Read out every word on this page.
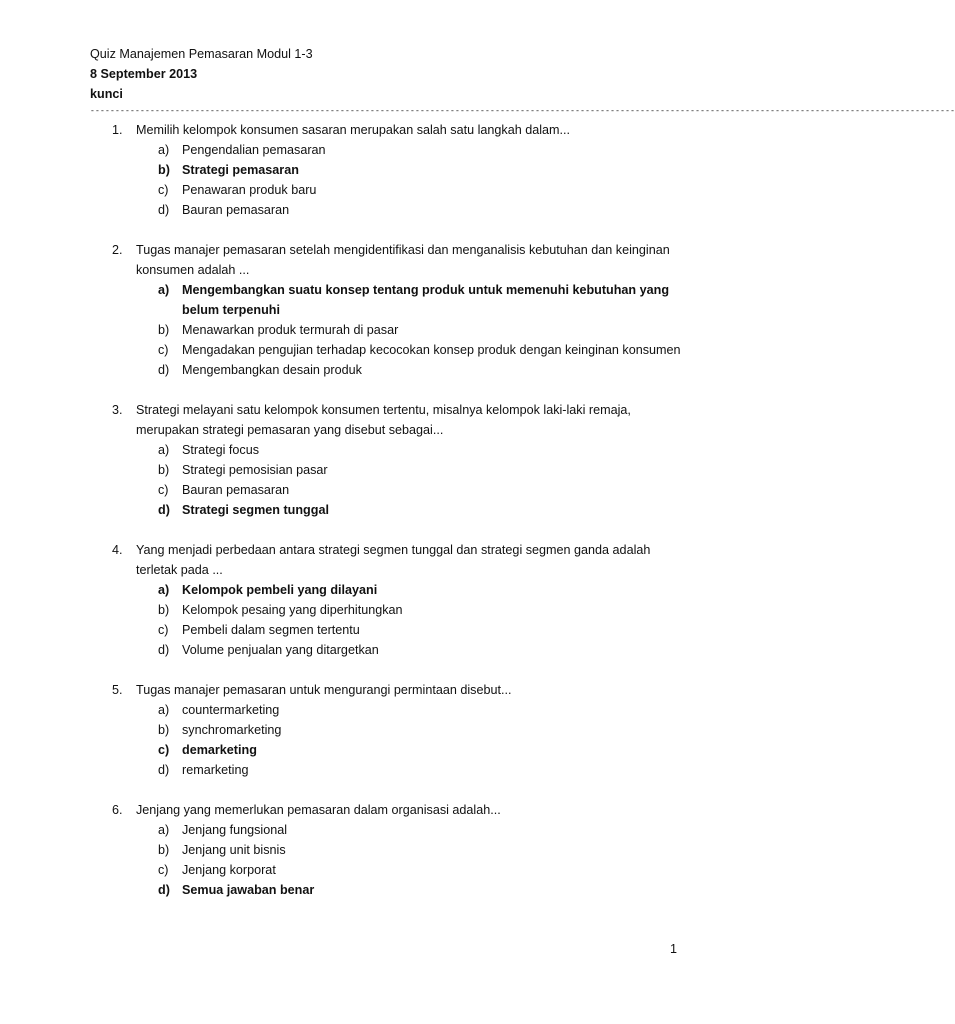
Quiz Manajemen Pemasaran Modul 1-3
8 September 2013
kunci
-----------------------------------------------------------------------------------------------------------------------------------------------------------------------------
1.	Memilih kelompok konsumen sasaran merupakan salah satu langkah dalam...
a)	Pengendalian pemasaran
b) Strategi pemasaran
c)	Penawaran produk baru
d)	Bauran pemasaran
2.	Tugas manajer pemasaran setelah mengidentifikasi dan menganalisis kebutuhan dan keinginan konsumen adalah ...
a)	Mengembangkan suatu konsep tentang produk untuk memenuhi kebutuhan yang belum terpenuhi
b)	Menawarkan produk termurah di pasar
c)	Mengadakan pengujian terhadap kecocokan konsep produk dengan keinginan konsumen
d)	Mengembangkan desain produk
3.	Strategi melayani satu kelompok konsumen tertentu, misalnya kelompok laki-laki remaja, merupakan strategi pemasaran yang disebut sebagai...
a)	Strategi focus
b)	Strategi pemosisian pasar
c)	Bauran pemasaran
d) Strategi segmen tunggal
4.	Yang menjadi perbedaan antara strategi segmen tunggal dan strategi segmen ganda adalah terletak pada ...
a)	Kelompok pembeli yang dilayani
b)	Kelompok pesaing yang diperhitungkan
c)	Pembeli dalam segmen tertentu
d)	Volume penjualan yang ditargetkan
5.	Tugas manajer pemasaran untuk mengurangi permintaan disebut...
a)	countermarketing
b)	synchromarketing
c)	demarketing
d)	remarketing
6.	Jenjang yang memerlukan pemasaran dalam organisasi adalah...
a)	Jenjang fungsional
b)	Jenjang unit bisnis
c)	Jenjang korporat
d) Semua jawaban benar
1
